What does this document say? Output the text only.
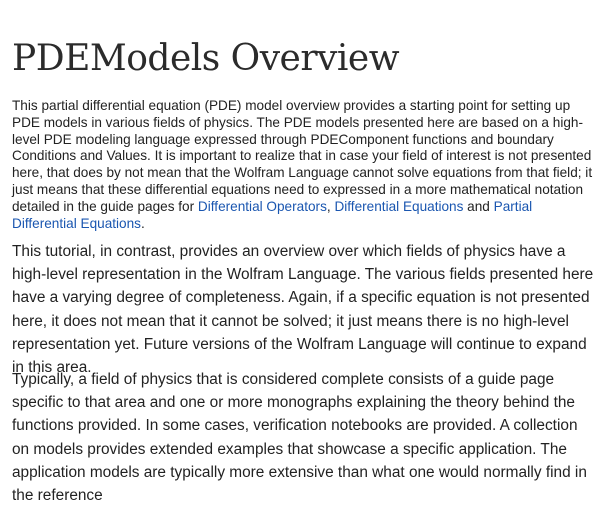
PDEModels Overview

This partial differential equation (PDE) model overview provides a starting point for setting up PDE models in various fields of physics. The PDE models presented here are based on a high-level PDE modeling language expressed through PDEComponent functions and boundary Conditions and Values. It is important to realize that in case your field of interest is not presented here, that does by not mean that the Wolfram Language cannot solve equations from that field; it just means that these differential equations need to expressed in a more mathematical notation detailed in the guide pages for Differential Operators, Differential Equations and Partial Differential Equations.

This tutorial, in contrast, provides an overview over which fields of physics have a high-level representation in the Wolfram Language. The various fields presented here have a varying degree of completeness. Again, if a specific equation is not presented here, it does not mean that it cannot be solved; it just means there is no high-level representation yet. Future versions of the Wolfram Language will continue to expand in this area.

Typically, a field of physics that is considered complete consists of a guide page specific to that area and one or more monographs explaining the theory behind the functions provided. In some cases, verification notebooks are provided. A collection on models provides extended examples that showcase a specific application. The application models are typically more extensive than what one would normally find in the reference
